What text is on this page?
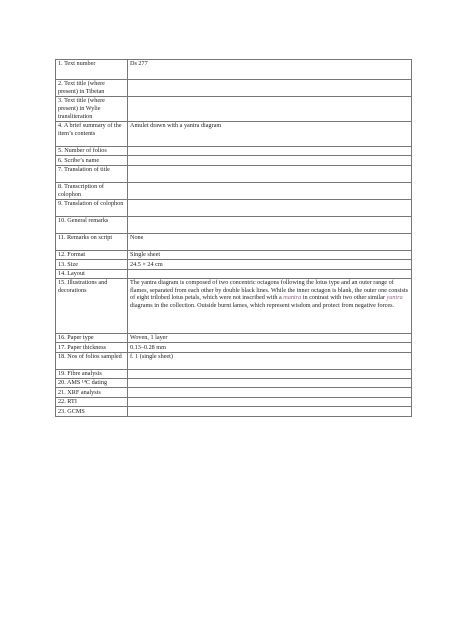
1. Text number	Ds 277
2. Text title (where present) in Tibetan	
3. Text title (where present) in Wylie transliteration	
4. A brief summary of the item’s contents	Amulet drawn with a yantra diagram
5. Number of folios	
6. Scribe’s name	
7. Translation of title	
8. Transcription of colophon	
9. Translation of colophon	
10. General remarks	
11. Remarks on script	None
12. Format	Single sheet
13. Size	24.5 × 24 cm
14. Layout	
15. Illustrations and decorations	The yantra diagram is composed of two concentric octagons following the lotus type and an outer range of flames, separated from each other by double black lines. While the inner octagon is blank, the outer one consists of eight trilobed lotus petals, which were not inscribed with a mantra in contrast with two other similar yantra diagrams in the collection. Outside burnt lames, which represent wisdom and protect from negative forces.
16. Paper type	Woven, 1 layer
17. Paper thickness	0.13–0.28 mm
18. Nos of folios sampled	f. 1 (single sheet)
19. Fibre analysis	
20. AMS ¹⁴C dating	
21. XRF analysis	
22. RTI	
23. GCMS	
